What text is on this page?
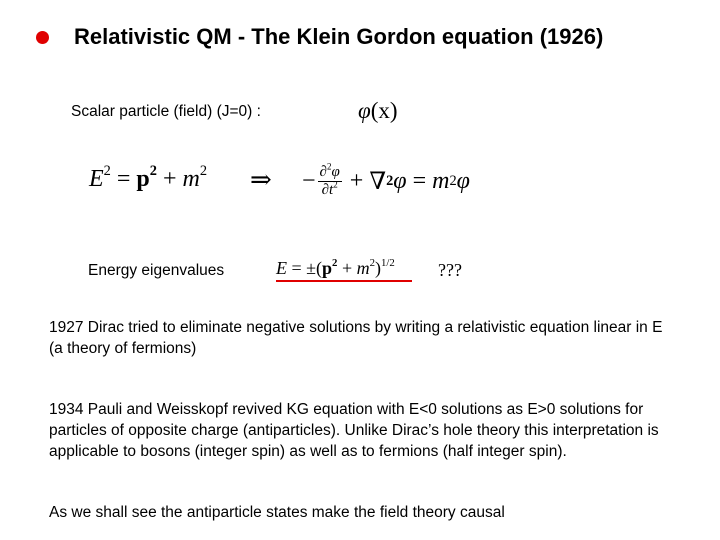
Relativistic QM - The Klein Gordon equation (1926)
Scalar particle (field) (J=0) :	φ(x)
$E^2 = p^2 + m^2$ ⇒ − $\frac{\partial^2\varphi}{\partial t^2}$ + ∇ 2 φ = m 2 φ
Energy eigenvalues	$E = \pm(p^2 + m^2)^{1/2}$ ???
1927 Dirac tried to eliminate negative solutions by writing a relativistic equation linear in E (a theory of fermions)
1934 Pauli and Weisskopf revived KG equation with E<0 solutions as E>0 solutions for particles of opposite charge (antiparticles). Unlike Dirac’s hole theory this interpretation is applicable to bosons (integer spin) as well as to fermions (half integer spin).
As we shall see the antiparticle states make the field theory causal
